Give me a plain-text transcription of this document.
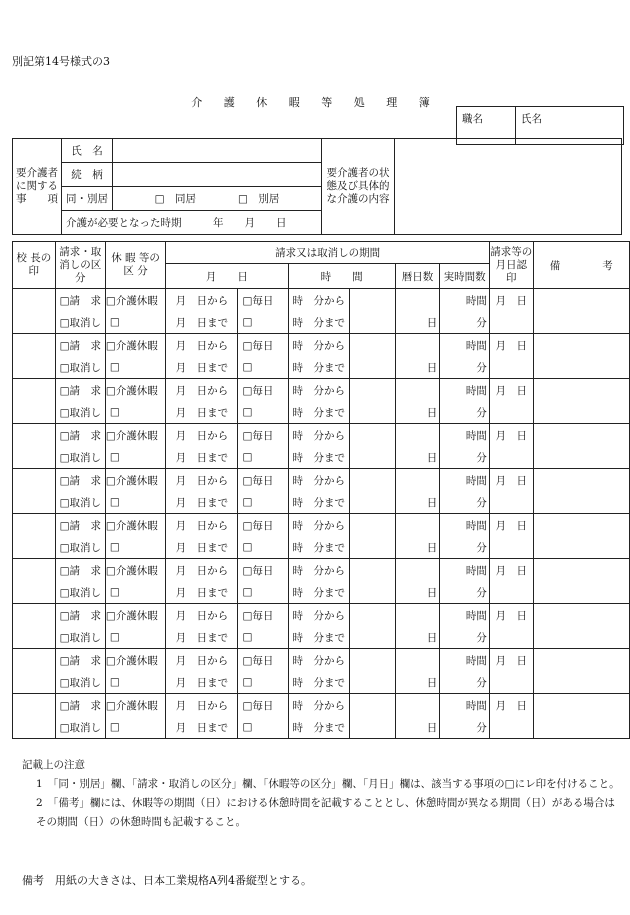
別記第14号様式の3
介 護 休 暇 等 処 理 簿
職名	氏名
要介護者に関する事　　項	氏　名		要介護者の状態及び具体的な介護の内容	
	続　柄			
	同・別居	□　同居　　　　 □　別居		
	介護が必要となった時期　　　年　　月　　日			
校 長の 印	請求・取消しの区 分	休 暇 等の 区 分	請求又は取消しの期間						請求等の月日認　印	備　　　　考
			月　　日		時　　間		暦日数	実時間数		
	□請　求	□介護休暇	月　日から	□毎日	時　分から			時間	月　日	
	□取消し	□	月　日まで	□	時　分まで		日	分		
	□請　求	□介護休暇	月　日から	□毎日	時　分から			時間	月　日	
	□取消し	□	月　日まで	□	時　分まで		日	分		
	□請　求	□介護休暇	月　日から	□毎日	時　分から			時間	月　日	
	□取消し	□	月　日まで	□	時　分まで		日	分		
	□請　求	□介護休暇	月　日から	□毎日	時　分から			時間	月　日	
	□取消し	□	月　日まで	□	時　分まで		日	分		
	□請　求	□介護休暇	月　日から	□毎日	時　分から			時間	月　日	
	□取消し	□	月　日まで	□	時　分まで		日	分		
	□請　求	□介護休暇	月　日から	□毎日	時　分から			時間	月　日	
	□取消し	□	月　日まで	□	時　分まで		日	分		
	□請　求	□介護休暇	月　日から	□毎日	時　分から			時間	月　日	
	□取消し	□	月　日まで	□	時　分まで		日	分		
	□請　求	□介護休暇	月　日から	□毎日	時　分から			時間	月　日	
	□取消し	□	月　日まで	□	時　分まで		日	分		
	□請　求	□介護休暇	月　日から	□毎日	時　分から			時間	月　日	
	□取消し	□	月　日まで	□	時　分まで		日	分		
	□請　求	□介護休暇	月　日から	□毎日	時　分から			時間	月　日	
	□取消し	□	月　日まで	□	時　分まで		日	分		
記載上の注意
1　「同・別居」欄、「請求・取消しの区分」欄、「休暇等の区分」欄、「月日」欄は、該当する事項の□にレ印を付けること。
2　「備考」欄には、休暇等の期間（日）における休憩時間を記載することとし、休憩時間が異なる期間（日）がある場合はその期間（日）の休憩時間も記載すること。
備考　用紙の大きさは、日本工業規格A列4番縦型とする。
